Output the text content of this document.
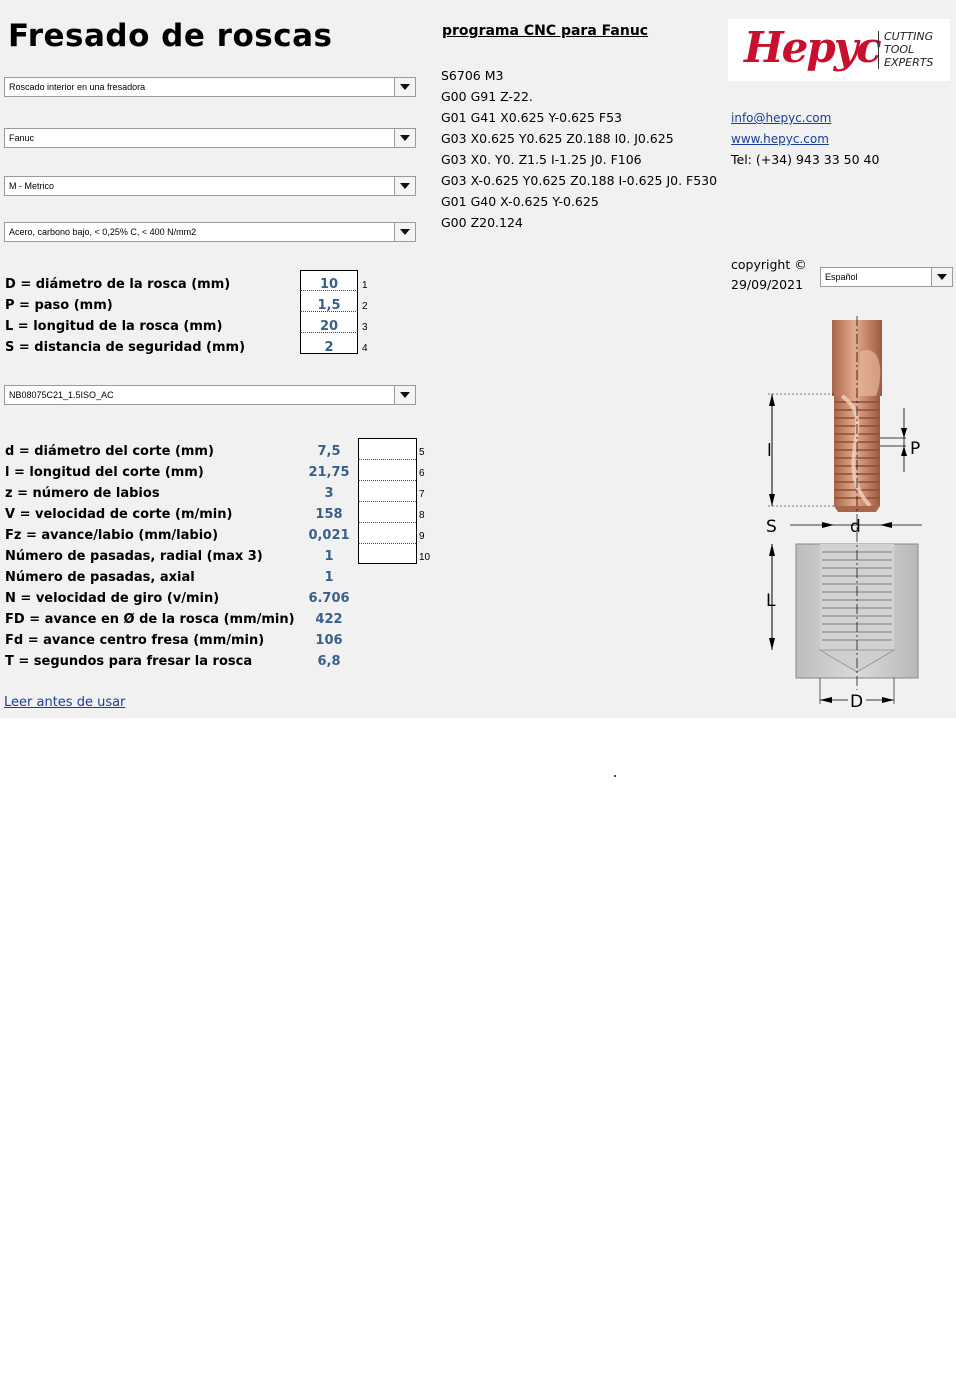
Fresado de roscas
Roscado interior en una fresadora
Fanuc
M - Metrico
Acero, carbono bajo, < 0,25% C, < 400 N/mm2
NB08075C21_1.5ISO_AC
Español
D = diámetro de la rosca (mm)
P = paso (mm)
L = longitud de la rosca (mm)
S = distancia de seguridad (mm)
10
1,5
20
2
1
2
3
4
d = diámetro del corte (mm)
l = longitud del corte (mm)
z = número de labios
V = velocidad de corte (m/min)
Fz = avance/labio (mm/labio)
Número de pasadas, radial (max 3)
Número de pasadas, axial
N = velocidad de giro (v/min)
FD = avance en Ø de la rosca (mm/min)
Fd = avance centro fresa (mm/min)
T = segundos para fresar la rosca
7,5
21,75
3
158
0,021
1
1
6.706
422
106
6,8
5
6
7
8
9
10
Leer antes de usar
programa CNC para Fanuc
S6706 M3
G00 G91 Z-22.
G01 G41 X0.625 Y-0.625 F53
G03 X0.625 Y0.625 Z0.188 I0. J0.625
G03 X0. Y0. Z1.5 I-1.25 J0. F106
G03 X-0.625 Y0.625 Z0.188 I-0.625 J0. F530
G01 G40 X-0.625 Y-0.625
G00 Z20.124
Hepyc CUTTING
TOOL
EXPERTS
info@hepyc.com
www.hepyc.com
Tel: (+34) 943 33 50 40
copyright ©
29/09/2021
l	P
S	d
L
D
